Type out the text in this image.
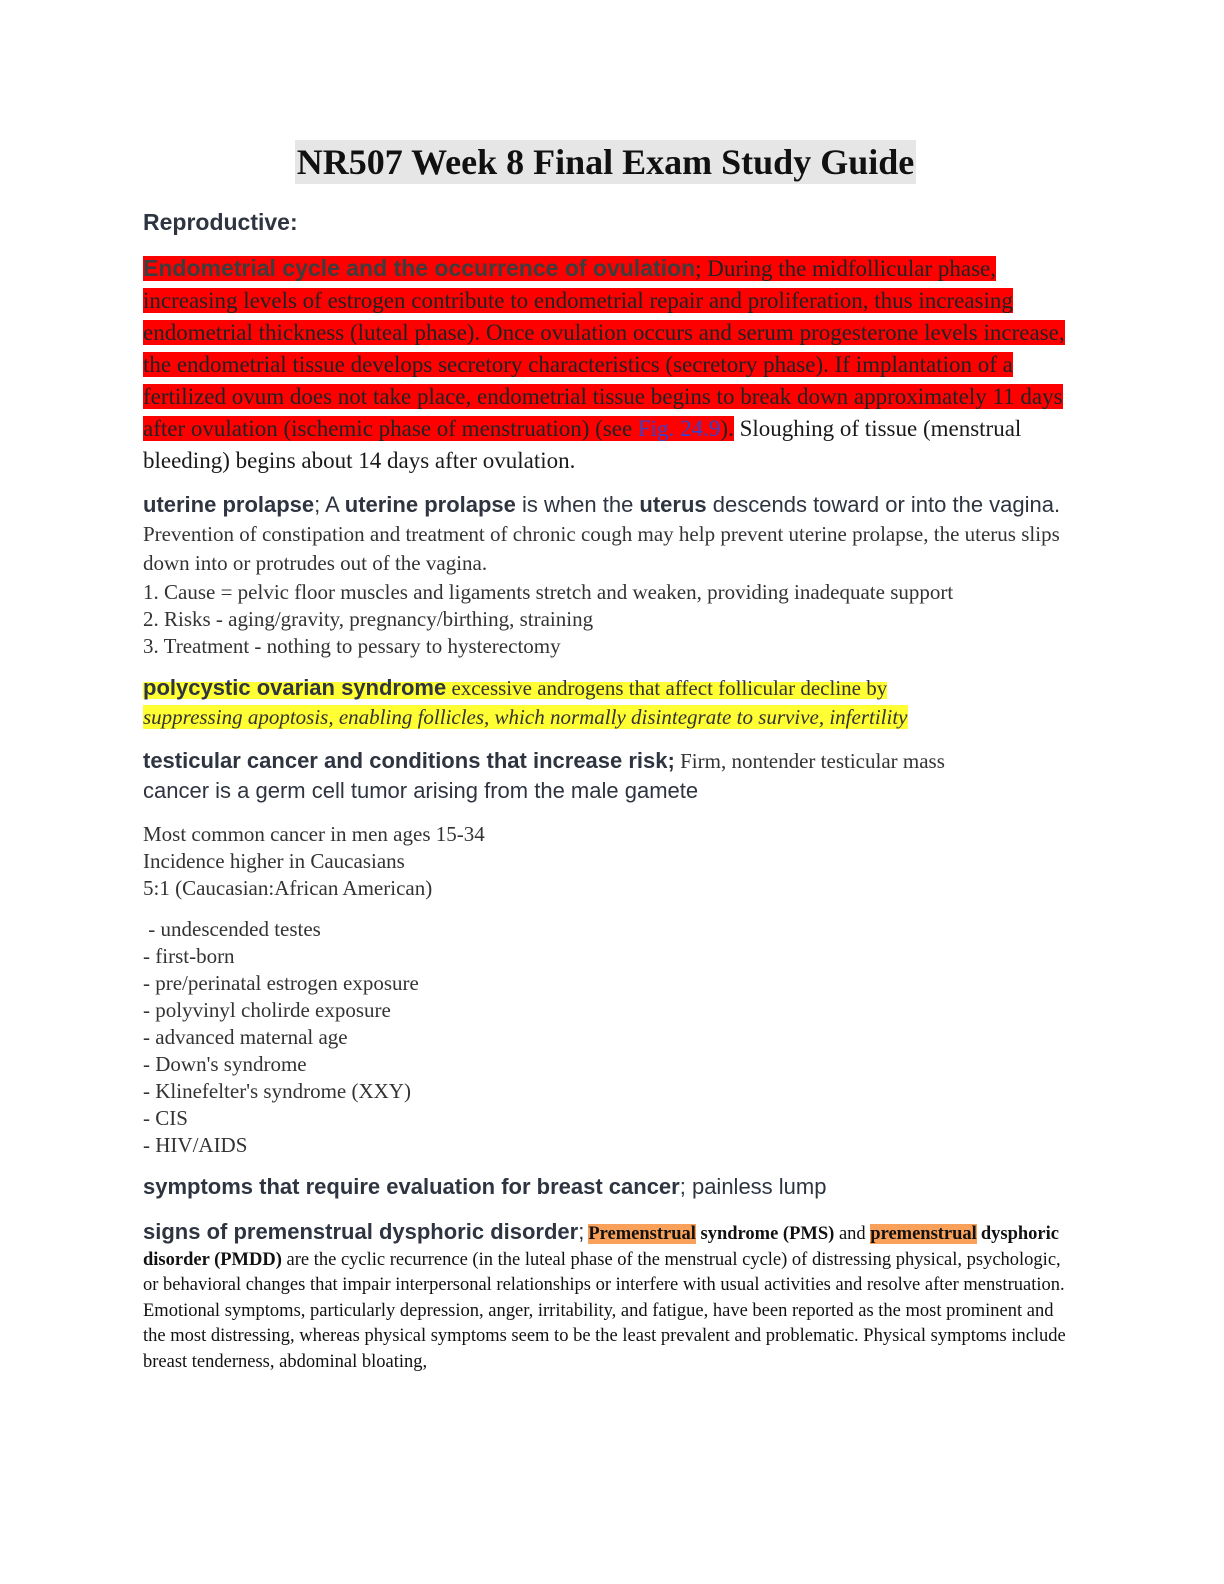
NR507 Week 8 Final Exam Study Guide
Reproductive:

Endometrial cycle and the occurrence of ovulation; During the midfollicular phase, increasing levels of estrogen contribute to endometrial repair and proliferation, thus increasing endometrial thickness (luteal phase). Once ovulation occurs and serum progesterone levels increase, the endometrial tissue develops secretory characteristics (secretory phase). If implantation of a fertilized ovum does not take place, endometrial tissue begins to break down approximately 11 days after ovulation (ischemic phase of menstruation) (see Fig. 24.9). Sloughing of tissue (menstrual bleeding) begins about 14 days after ovulation.

uterine prolapse; A uterine prolapse is when the uterus descends toward or into the vagina. Prevention of constipation and treatment of chronic cough may help prevent uterine prolapse, the uterus slips down into or protrudes out of the vagina.
1. Cause = pelvic floor muscles and ligaments stretch and weaken, providing inadequate support
2. Risks - aging/gravity, pregnancy/birthing, straining
3. Treatment - nothing to pessary to hysterectomy
polycystic ovarian syndrome excessive androgens that affect follicular decline by
suppressing apoptosis, enabling follicles, which normally disintegrate to survive, infertility
testicular cancer and conditions that increase risk; Firm, nontender testicular mass
cancer is a germ cell tumor arising from the male gamete
Most common cancer in men ages 15-34
Incidence higher in Caucasians
5:1 (Caucasian:African American)
- undescended testes
- first-born
- pre/perinatal estrogen exposure
- polyvinyl cholirde exposure
- advanced maternal age
- Down's syndrome
- Klinefelter's syndrome (XXY)
- CIS
- HIV/AIDS
symptoms that require evaluation for breast cancer; painless lump
signs of premenstrual dysphoric disorder; Premenstrual syndrome (PMS) and premenstrual dysphoric disorder (PMDD) are the cyclic recurrence (in the luteal phase of the menstrual cycle) of distressing physical, psychologic, or behavioral changes that impair interpersonal relationships or interfere with usual activities and resolve after menstruation. Emotional symptoms, particularly depression, anger, irritability, and fatigue, have been reported as the most prominent and the most distressing, whereas physical symptoms seem to be the least prevalent and problematic. Physical symptoms include breast tenderness, abdominal bloating,
